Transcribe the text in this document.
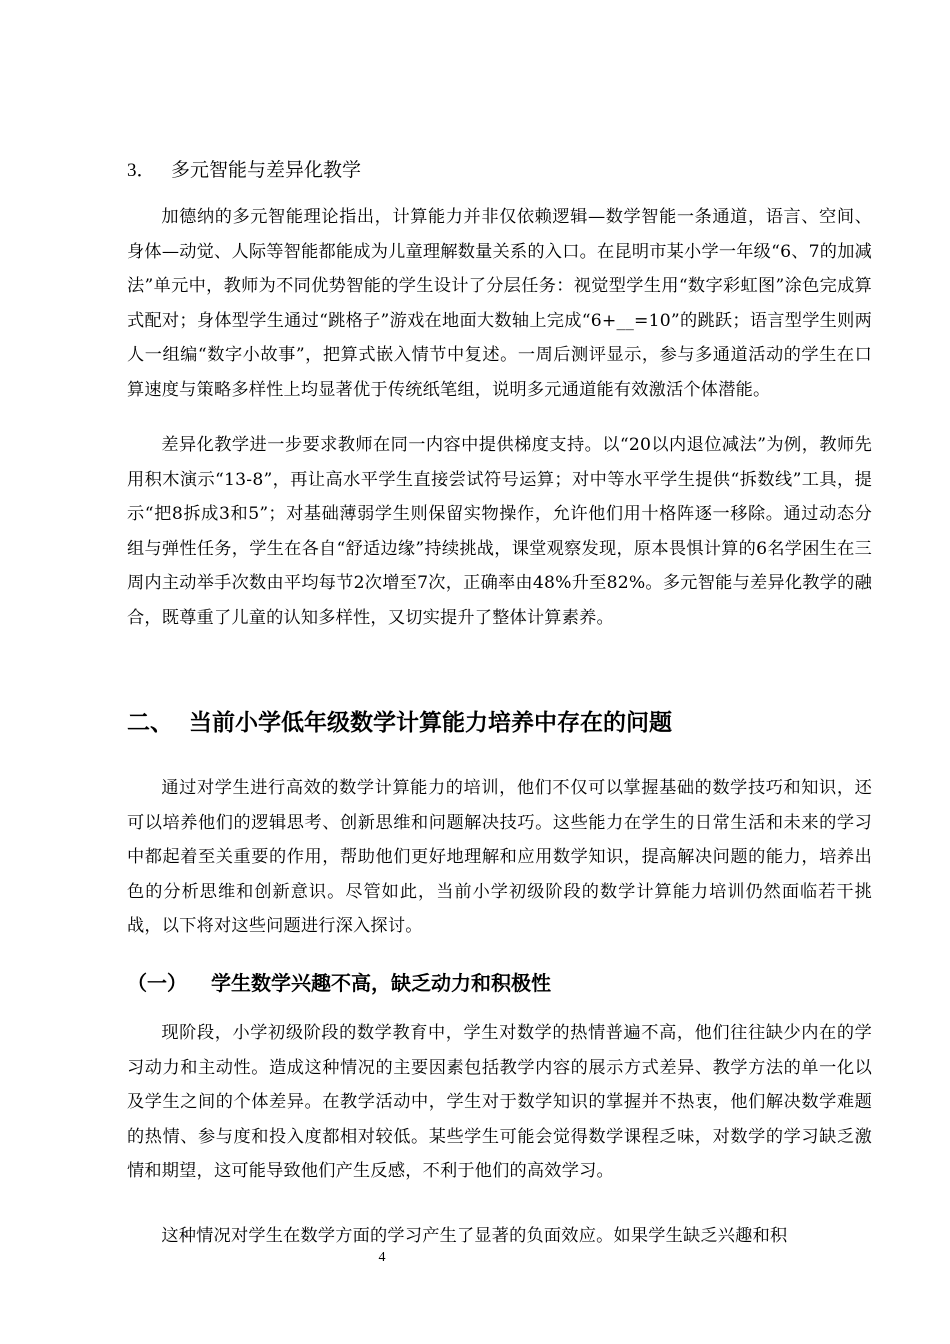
3． 多元智能与差异化教学
加德纳的多元智能理论指出，计算能力并非仅依赖逻辑—数学智能一条通道，语言、空间、身体—动觉、人际等智能都能成为儿童理解数量关系的入口。在昆明市某小学一年级“6、7的加减法”单元中，教师为不同优势智能的学生设计了分层任务：视觉型学生用“数字彩虹图”涂色完成算式配对；身体型学生通过“跳格子”游戏在地面大数轴上完成“6+__=10”的跳跃；语言型学生则两人一组编“数字小故事”，把算式嵌入情节中复述。一周后测评显示，参与多通道活动的学生在口算速度与策略多样性上均显著优于传统纸笔组，说明多元通道能有效激活个体潜能。
差异化教学进一步要求教师在同一内容中提供梯度支持。以“20以内退位减法”为例，教师先用积木演示“13-8”，再让高水平学生直接尝试符号运算；对中等水平学生提供“拆数线”工具，提示“把8拆成3和5”；对基础薄弱学生则保留实物操作，允许他们用十格阵逐一移除。通过动态分组与弹性任务，学生在各自“舒适边缘”持续挑战，课堂观察发现，原本畏惧计算的6名学困生在三周内主动举手次数由平均每节2次增至7次，正确率由48%升至82%。多元智能与差异化教学的融合，既尊重了儿童的认知多样性，又切实提升了整体计算素养。
二、 当前小学低年级数学计算能力培养中存在的问题
通过对学生进行高效的数学计算能力的培训，他们不仅可以掌握基础的数学技巧和知识，还可以培养他们的逻辑思考、创新思维和问题解决技巧。这些能力在学生的日常生活和未来的学习中都起着至关重要的作用，帮助他们更好地理解和应用数学知识，提高解决问题的能力，培养出色的分析思维和创新意识。尽管如此，当前小学初级阶段的数学计算能力培训仍然面临若干挑战，以下将对这些问题进行深入探讨。
（一） 学生数学兴趣不高，缺乏动力和积极性
现阶段，小学初级阶段的数学教育中，学生对数学的热情普遍不高，他们往往缺少内在的学习动力和主动性。造成这种情况的主要因素包括教学内容的展示方式差异、教学方法的单一化以及学生之间的个体差异。在教学活动中，学生对于数学知识的掌握并不热衷，他们解决数学难题的热情、参与度和投入度都相对较低。某些学生可能会觉得数学课程乏味，对数学的学习缺乏激情和期望，这可能导致他们产生反感，不利于他们的高效学习。
这种情况对学生在数学方面的学习产生了显著的负面效应。如果学生缺乏兴趣和积
4
